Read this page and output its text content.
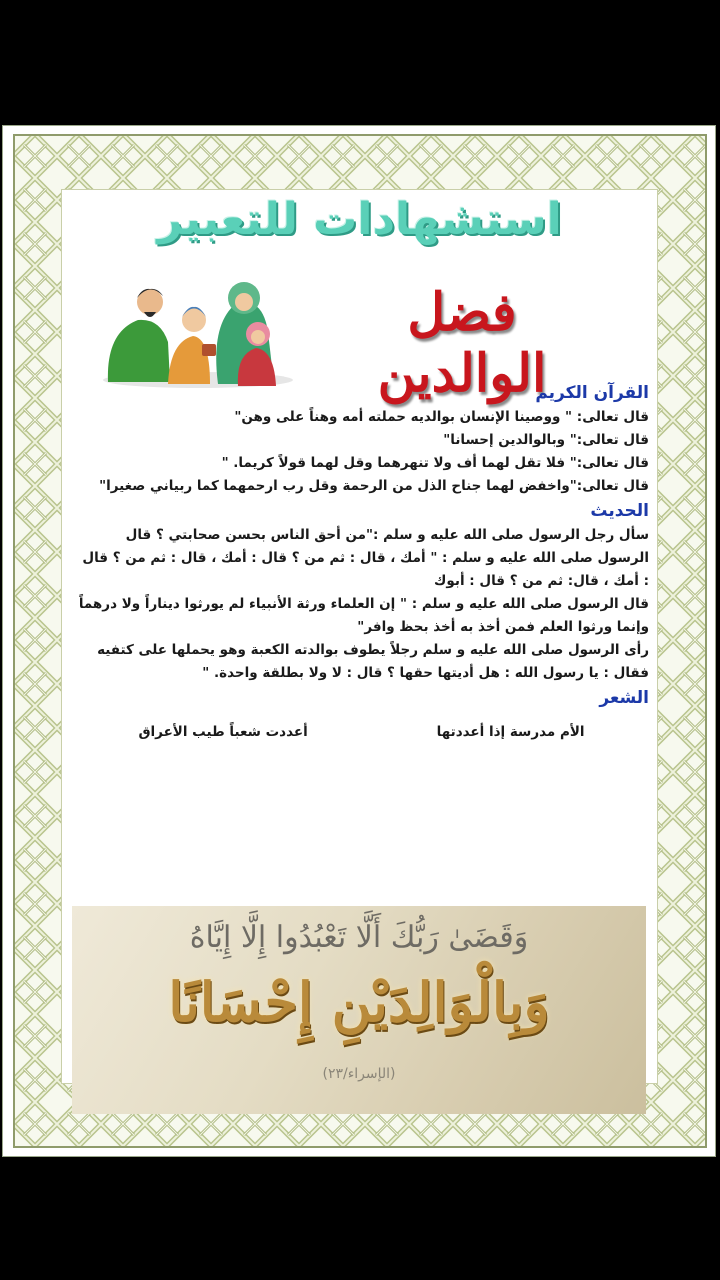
استشهادات للتعبير
فضل الوالدين
القرآن الكريم
قال تعالى: " ووصينا الإنسان بوالديه حملته أمه وهناً على وهن"
قال تعالى:" وبالوالدين إحسانا"
قال تعالى:" فلا تقل لهما أف ولا تنهرهما وقل لهما قولاً كريما. "
قال تعالى:"واخفض لهما جناح الذل من الرحمة وقل رب ارحمهما كما ربياني صغيرا"
الحديث
سأل رجل الرسول صلى الله عليه و سلم :"من أحق الناس بحسن صحابتي ؟ قال الرسول صلى الله عليه و سلم : " أمك ، قال : ثم من ؟ قال : أمك ، قال : ثم من ؟ قال : أمك ، قال: ثم من ؟ قال : أبوك
قال الرسول صلى الله عليه و سلم : " إن العلماء ورثة الأنبياء لم يورثوا ديناراً ولا درهماً وإنما ورثوا العلم فمن أخذ به أخذ بحظ وافر"
رأى الرسول صلى الله عليه و سلم رجلاً يطوف بوالدته الكعبة وهو يحملها على كتفيه فقال : يا رسول الله : هل أديتها حقها ؟ قال : لا ولا بطلقة واحدة. "
الشعر
الأم مدرسة إذا أعددتها
أعددت شعباً طيب الأعراق
وَقَضَىٰ رَبُّكَ أَلَّا تَعْبُدُوا إِلَّا إِيَّاهُ
وَبِالْوَالِدَيْنِ إِحْسَانًا
(الإسراء/٢٣)
